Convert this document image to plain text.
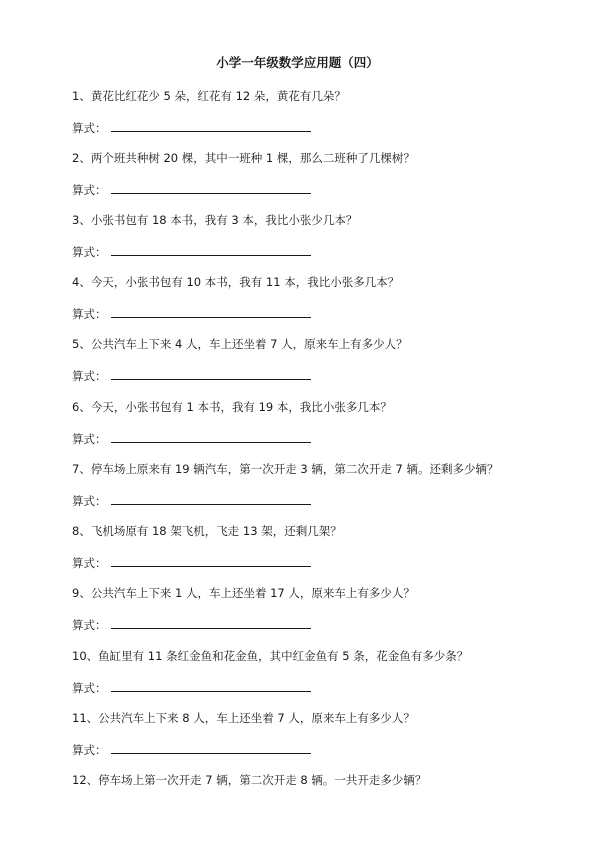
小学一年级数学应用题（四）
1、黄花比红花少 5 朵，红花有 12 朵，黄花有几朵？
算式：
2、两个班共种树 20 棵，其中一班种 1 棵，那么二班种了几棵树？
算式：
3、小张书包有 18 本书，我有 3 本，我比小张少几本？
算式：
4、今天，小张书包有 10 本书，我有 11 本，我比小张多几本？
算式：
5、公共汽车上下来 4 人，车上还坐着 7 人，原来车上有多少人？
算式：
6、今天，小张书包有 1 本书，我有 19 本，我比小张多几本？
算式：
7、停车场上原来有 19 辆汽车，第一次开走 3 辆，第二次开走 7 辆。还剩多少辆？
算式：
8、飞机场原有 18 架飞机，飞走 13 架，还剩几架？
算式：
9、公共汽车上下来 1 人，车上还坐着 17 人，原来车上有多少人？
算式：
10、鱼缸里有 11 条红金鱼和花金鱼，其中红金鱼有 5 条，花金鱼有多少条？
算式：
11、公共汽车上下来 8 人，车上还坐着 7 人，原来车上有多少人？
算式：
12、停车场上第一次开走 7 辆，第二次开走 8 辆。一共开走多少辆？
